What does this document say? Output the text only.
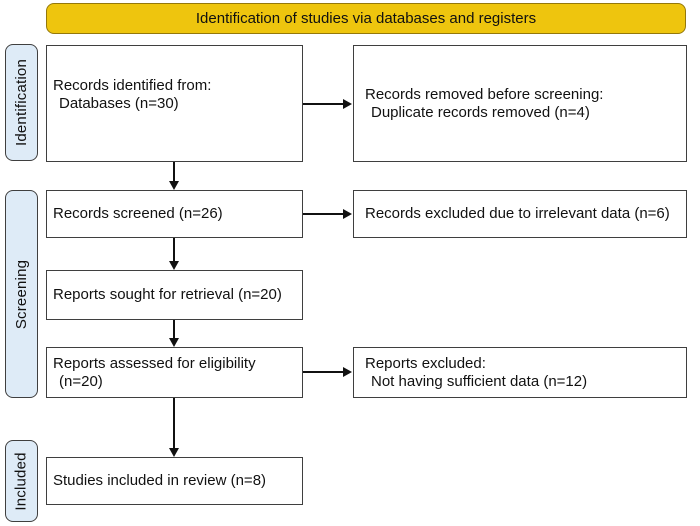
Identification of studies via databases and registers
Identification
Screening
Included
Records identified from:
Databases (n=30)
Records removed before screening:
Duplicate records removed (n=4)
Records screened (n=26)	Records excluded due to irrelevant data (n=6)
Reports sought for retrieval (n=20)
Reports assessed for eligibility
(n=20)
Reports excluded:
Not having sufficient data (n=12)
Studies included in review (n=8)
